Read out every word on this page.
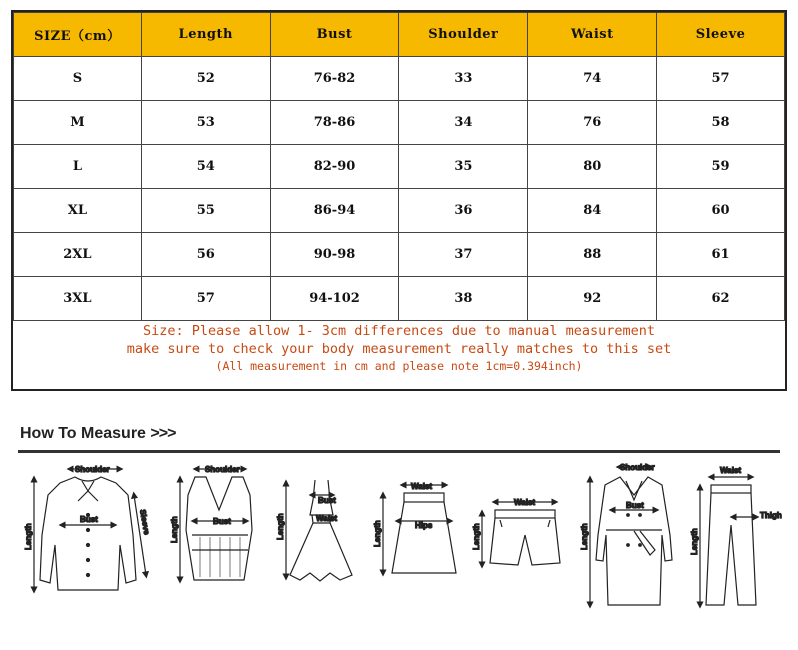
SIZE（cm）	Length	Bust	Shoulder	Waist	Sleeve
S	52	76-82	33	74	57
M	53	78-86	34	76	58
L	54	82-90	35	80	59
XL	55	86-94	36	84	60
2XL	56	90-98	37	88	61
3XL	57	94-102	38	92	62
Size: Please allow 1- 3cm differences due to manual measurement
make sure to check your body measurement really matches to this set
(All measurement in cm and please note 1cm=0.394inch)
How To Measure >>>
Shoulder
Bust
Length
Sleeve
Shoulder
Bust
Length
Bust
Waist
Length
Waist
Hips
Length
Waist
Length
Shoulder
Bust
Length
Waist
Thigh
Length
